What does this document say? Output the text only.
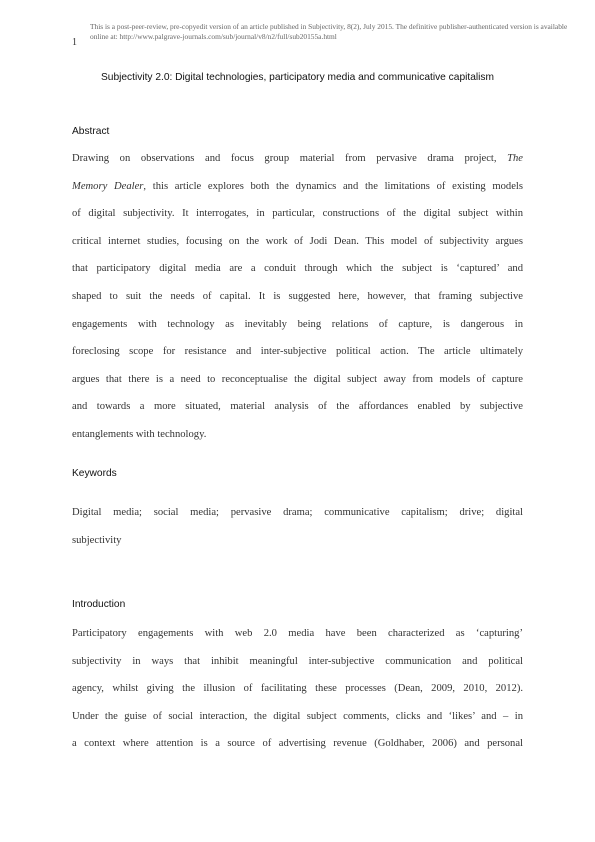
This is a post-peer-review, pre-copyedit version of an article published in Subjectivity, 8(2), July 2015. The definitive publisher-authenticated version is available online at: http://www.palgrave-journals.com/sub/journal/v8/n2/full/sub20155a.html
1
Subjectivity 2.0: Digital technologies, participatory media and communicative capitalism
Abstract
Drawing on observations and focus group material from pervasive drama project, The
Memory Dealer, this article explores both the dynamics and the limitations of existing models
of digital subjectivity. It interrogates, in particular, constructions of the digital subject within
critical internet studies, focusing on the work of Jodi Dean. This model of subjectivity argues
that participatory digital media are a conduit through which the subject is ‘captured’ and
shaped to suit the needs of capital. It is suggested here, however, that framing subjective
engagements with technology as inevitably being relations of capture, is dangerous in
foreclosing scope for resistance and inter-subjective political action. The article ultimately
argues that there is a need to reconceptualise the digital subject away from models of capture
and towards a more situated, material analysis of the affordances enabled by subjective
entanglements with technology.
Keywords
Digital media; social media; pervasive drama; communicative capitalism; drive; digital
subjectivity
Introduction
Participatory engagements with web 2.0 media have been characterized as ‘capturing’
subjectivity in ways that inhibit meaningful inter-subjective communication and political
agency, whilst giving the illusion of facilitating these processes (Dean, 2009, 2010, 2012).
Under the guise of social interaction, the digital subject comments, clicks and ‘likes’ and – in
a context where attention is a source of advertising revenue (Goldhaber, 2006) and personal
